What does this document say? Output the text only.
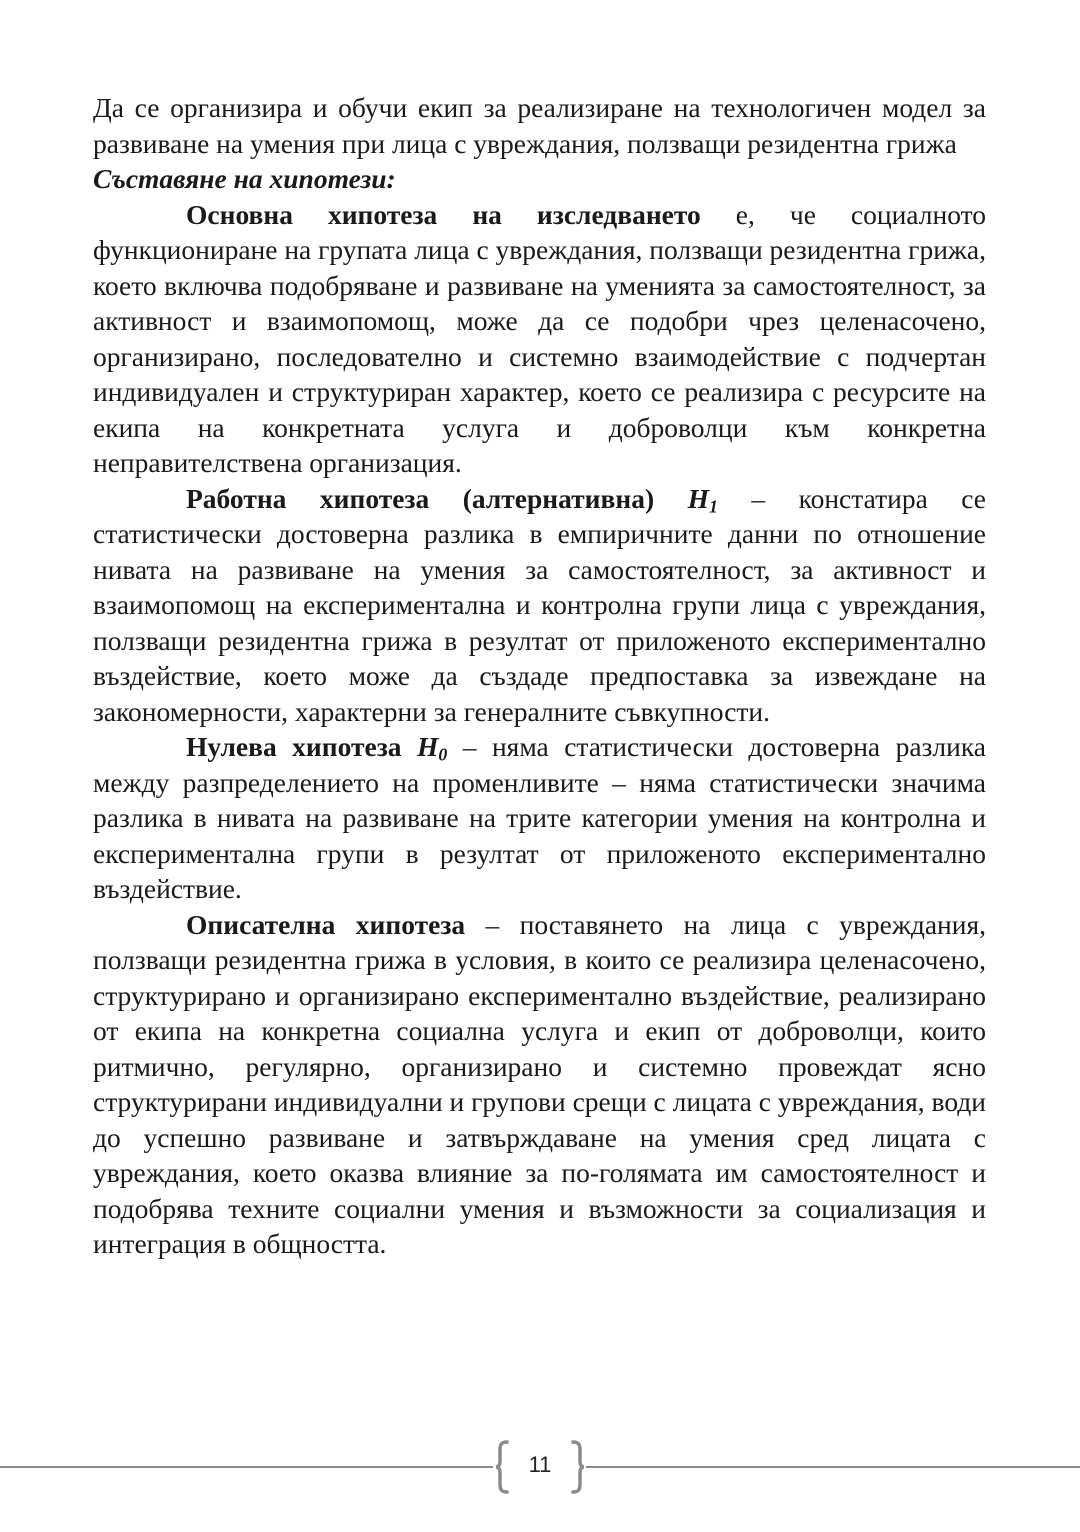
Да се организира и обучи екип за реализиране на технологичен модел за развиване на умения при лица с увреждания, ползващи резидентна грижа

Съставяне на хипотези:

Основна хипотеза на изследването е, че социалното функциониране на групата лица с увреждания, ползващи резидентна грижа, което включва подобряване и развиване на уменията за самостоятелност, за активност и взаимопомощ, може да се подобри чрез целенасочено, организирано, последователно и системно взаимодействие с подчертан индивидуален и структуриран характер, което се реализира с ресурсите на екипа на конкретната услуга и доброволци към конкретна неправителствена организация.

Работна хипотеза (алтернативна) $H_1$ – констатира се статистически достоверна разлика в емпиричните данни по отношение нивата на развиване на умения за самостоятелност, за активност и взаимопомощ на експериментална и контролна групи лица с увреждания, ползващи резидентна грижа в резултат от приложеното експериментално въздействие, което може да създаде предпоставка за извеждане на закономерности, характерни за генералните съвкупности.

Нулева хипотеза $H_0$ – няма статистически достоверна разлика между разпределението на променливите – няма статистически значима разлика в нивата на развиване на трите категории умения на контролна и експериментална групи в резултат от приложеното експериментално въздействие.

Описателна хипотеза – поставянето на лица с увреждания, ползващи резидентна грижа в условия, в които се реализира целенасочено, структурирано и организирано експериментално въздействие, реализирано от екипа на конкретна социална услуга и екип от доброволци, които ритмично, регулярно, организирано и системно провеждат ясно структурирани индивидуални и групови срещи с лицата с увреждания, води до успешно развиване и затвърждаване на умения сред лицата с увреждания, което оказва влияние за по-голямата им самостоятелност и подобрява техните социални умения и възможности за социализация и интеграция в общността.

11
